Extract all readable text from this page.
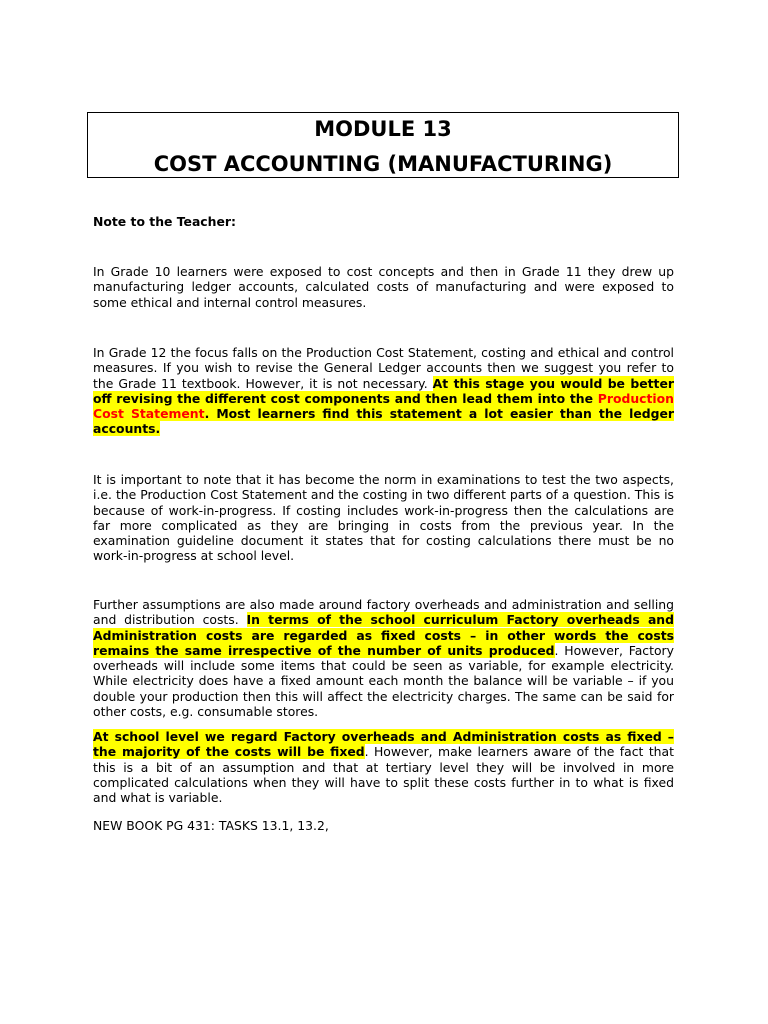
MODULE 13
COST ACCOUNTING (MANUFACTURING)
Note to the Teacher:
In Grade 10 learners were exposed to cost concepts and then in Grade 11 they drew up manufacturing ledger accounts, calculated costs of manufacturing and were exposed to some ethical and internal control measures.
In Grade 12 the focus falls on the Production Cost Statement, costing and ethical and control measures. If you wish to revise the General Ledger accounts then we suggest you refer to the Grade 11 textbook. However, it is not necessary. At this stage you would be better off revising the different cost components and then lead them into the Production Cost Statement. Most learners find this statement a lot easier than the ledger accounts.
It is important to note that it has become the norm in examinations to test the two aspects, i.e. the Production Cost Statement and the costing in two different parts of a question. This is because of work-in-progress. If costing includes work-in-progress then the calculations are far more complicated as they are bringing in costs from the previous year. In the examination guideline document it states that for costing calculations there must be no work-in-progress at school level.
Further assumptions are also made around factory overheads and administration and selling and distribution costs. In terms of the school curriculum Factory overheads and Administration costs are regarded as fixed costs – in other words the costs remains the same irrespective of the number of units produced. However, Factory overheads will include some items that could be seen as variable, for example electricity. While electricity does have a fixed amount each month the balance will be variable – if you double your production then this will affect the electricity charges. The same can be said for other costs, e.g. consumable stores.
At school level we regard Factory overheads and Administration costs as fixed – the majority of the costs will be fixed. However, make learners aware of the fact that this is a bit of an assumption and that at tertiary level they will be involved in more complicated calculations when they will have to split these costs further in to what is fixed and what is variable.
NEW BOOK PG 431: TASKS 13.1, 13.2,
